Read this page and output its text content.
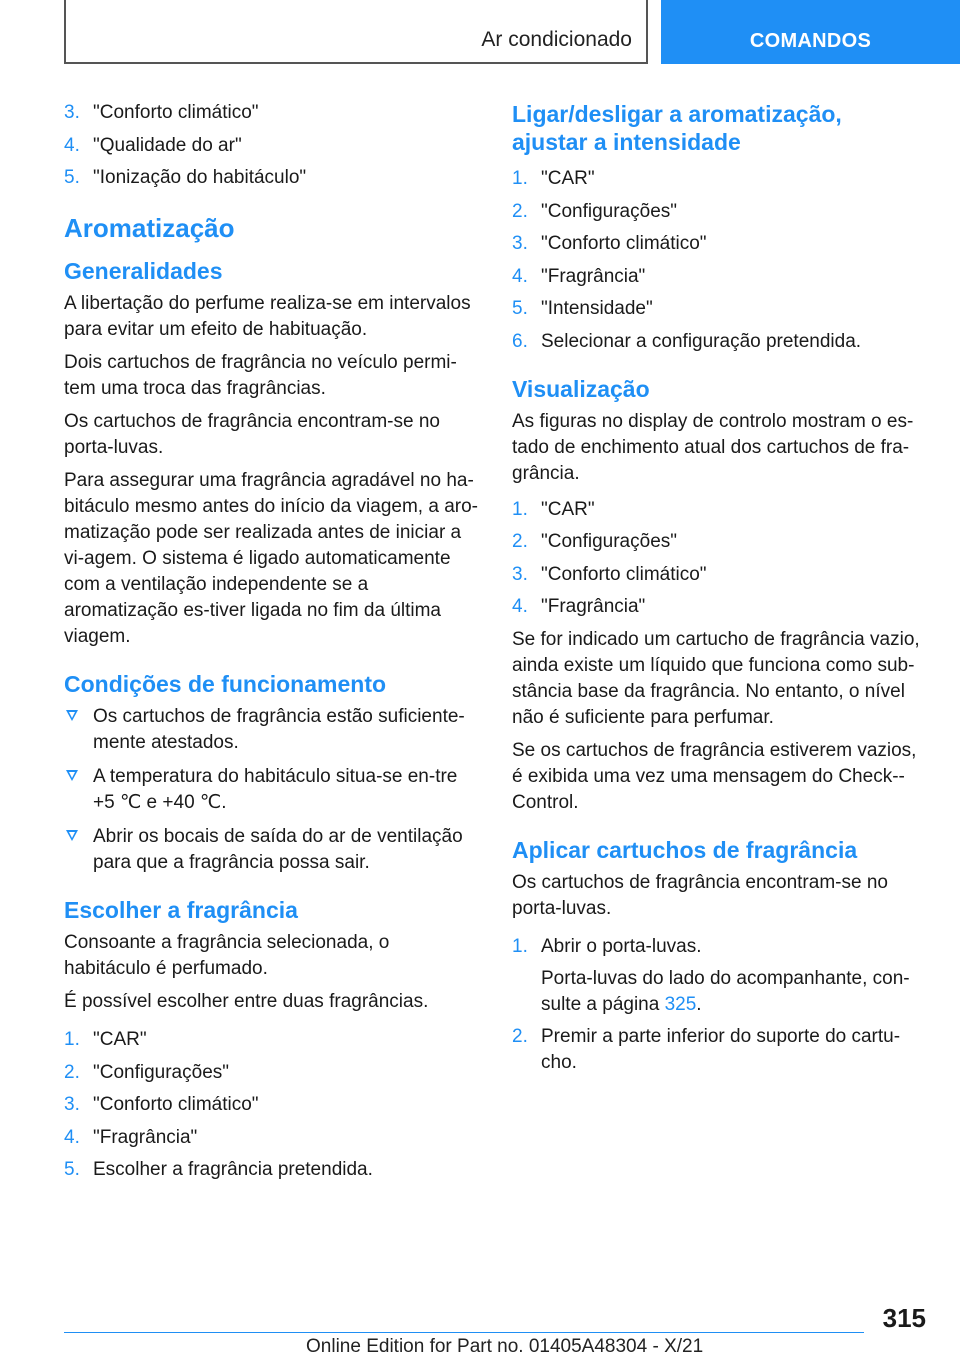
Ar condicionado	COMANDOS
3. "Conforto climático"
4. "Qualidade do ar"
5. "Ionização do habitáculo"
Aromatização
Generalidades

A libertação do perfume realiza-se em intervalos para evitar um efeito de habituação.

Dois cartuchos de fragrância no veículo permi-tem uma troca das fragrâncias.

Os cartuchos de fragrância encontram-se no porta-luvas.

Para assegurar uma fragrância agradável no ha-bitáculo mesmo antes do início da viagem, a aro-matização pode ser realizada antes de iniciar a vi-agem. O sistema é ligado automaticamente com a ventilação independente se a aromatização es-tiver ligada no fim da última viagem.

Condições de funcionamento
Os cartuchos de fragrância estão suficiente-mente atestados.
A temperatura do habitáculo situa-se en-tre +5 ℃ e +40 ℃.
Abrir os bocais de saída do ar de ventilação para que a fragrância possa sair.
Escolher a fragrância

Consoante a fragrância selecionada, o habitáculo é perfumado.

É possível escolher entre duas fragrâncias.

1. "CAR"
2. "Configurações"
3. "Conforto climático"
4. "Fragrância"
5. Escolher a fragrância pretendida.
Ligar/desligar a aromatização, ajustar a intensidade
1. "CAR"
2. "Configurações"
3. "Conforto climático"
4. "Fragrância"
5. "Intensidade"
6. Selecionar a configuração pretendida.
Visualização

As figuras no display de controlo mostram o es-tado de enchimento atual dos cartuchos de fra-grância.

1. "CAR"
2. "Configurações"
3. "Conforto climático"
4. "Fragrância"

Se for indicado um cartucho de fragrância vazio, ainda existe um líquido que funciona como sub-stância base da fragrância. No entanto, o nível não é suficiente para perfumar.

Se os cartuchos de fragrância estiverem vazios, é exibida uma vez uma mensagem do Check--Control.

Aplicar cartuchos de fragrância

Os cartuchos de fragrância encontram-se no porta-luvas.

1. Abrir o porta-luvas.
Porta-luvas do lado do acompanhante, con-sulte a página 325.
2. Premir a parte inferior do suporte do cartu-cho.
315
Online Edition for Part no. 01405A48304 - X/21
